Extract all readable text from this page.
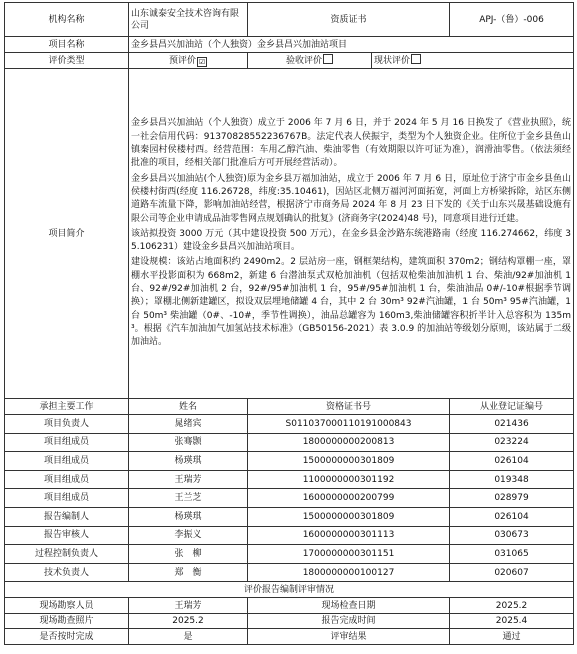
机构名称	山东诚泰安全技术咨询有限公司	资质证书		APJ-（鲁）-006
项目名称	金乡县昌兴加油站（个人独资）金乡县昌兴加油站项目			
评价类型	预评价 ☑	验收评价	现状评价	
项目简介	金乡县昌兴加油站（个人独资）成立于 2006 年 7 月 6 日，并于 2024 年 5 月 16 日换发了《营业执照》，统一社会信用代码：91370828552236767B。法定代表人侯振宇，类型为个人独资企业。住所位于金乡县鱼山镇秦园村侯楼村西。经营范围：车用乙醇汽油、柴油零售（有效期限以许可证为准），润滑油零售。（依法须经批准的项目，经相关部门批准后方可开展经营活动）。

金乡县昌兴加油站(个人独资)原为金乡县万福加油站，成立于 2006 年 7 月 6 日，原址位于济宁市金乡县鱼山侯楼村街西(经度 116.26728，纬度:35.10461)，因站区北侧万福河河面拓宽，河面上方桥梁拆除，站区东侧道路车流量下降，影响加油站经营，根据济宁市商务局 2024 年 8 月 23 日下发的《关于山东兴晟基础设施有限公司等企业申请成品油零售网点规划确认的批复》(济商务字(2024)48 号)，同意项目进行迁建。

该站拟投资 3000 万元（其中建设投资 500 万元），在金乡县金沙路东统港路南（经度 116.274662，纬度 35.106231）建设金乡县昌兴加油站项目。

建设规模：该站占地面积约 2490m2。2 层站房一座，钢框架结构，建筑面积 370m2；钢结构罩棚一座，罩棚水平投影面积为 668m2，新建 6 台潜油泵式双枪加油机（包括双枪柴油加油机 1 台、柴油/92#加油机 1 台、92#/92#加油机 2 台，92#/95#加油机 1 台，95#/95#加油机 1 台，柴油油品 0#/-10#根据季节调换）；罩棚北侧新建罐区，拟设双层埋地储罐 4 台，其中 2 台 30m³ 92#汽油罐，1 台 50m³ 95#汽油罐，1 台 50m³ 柴油罐（0#、-10#，季节性调换），油品总罐容为 160m3,柴油储罐容积折半计入总容积为 135m³。根据《汽车加油加气加氢站技术标准》（GB50156-2021）表 3.0.9 的加油站等级划分原则，该站属于二级加油站。			

承担主要工作	姓名	资格证书号		从业登记证编号
项目负责人	晁绪宾	S011037000110191000843		021436
项目组成员	张骞颢	1800000000200813		023224
项目组成员	杨瑛琪	1500000000301809		026104
项目组成员	王瑞芳	1100000000301192		019348
项目组成员	王兰芝	1600000000200799		028979
报告编制人	杨瑛琪	1500000000301809		026104
报告审核人	李振义	1600000000301113		030673
过程控制负责人	张　柳	1700000000301151		031065
技术负责人	郑　衡	1800000000100127		020607
评价报告编制评审情况				
现场勘察人员	王瑞芳	现场检查日期		2025.2
现场勘查照片	2025.2	报告完成时间		2025.4
是否按时完成	是	评审结果		通过
